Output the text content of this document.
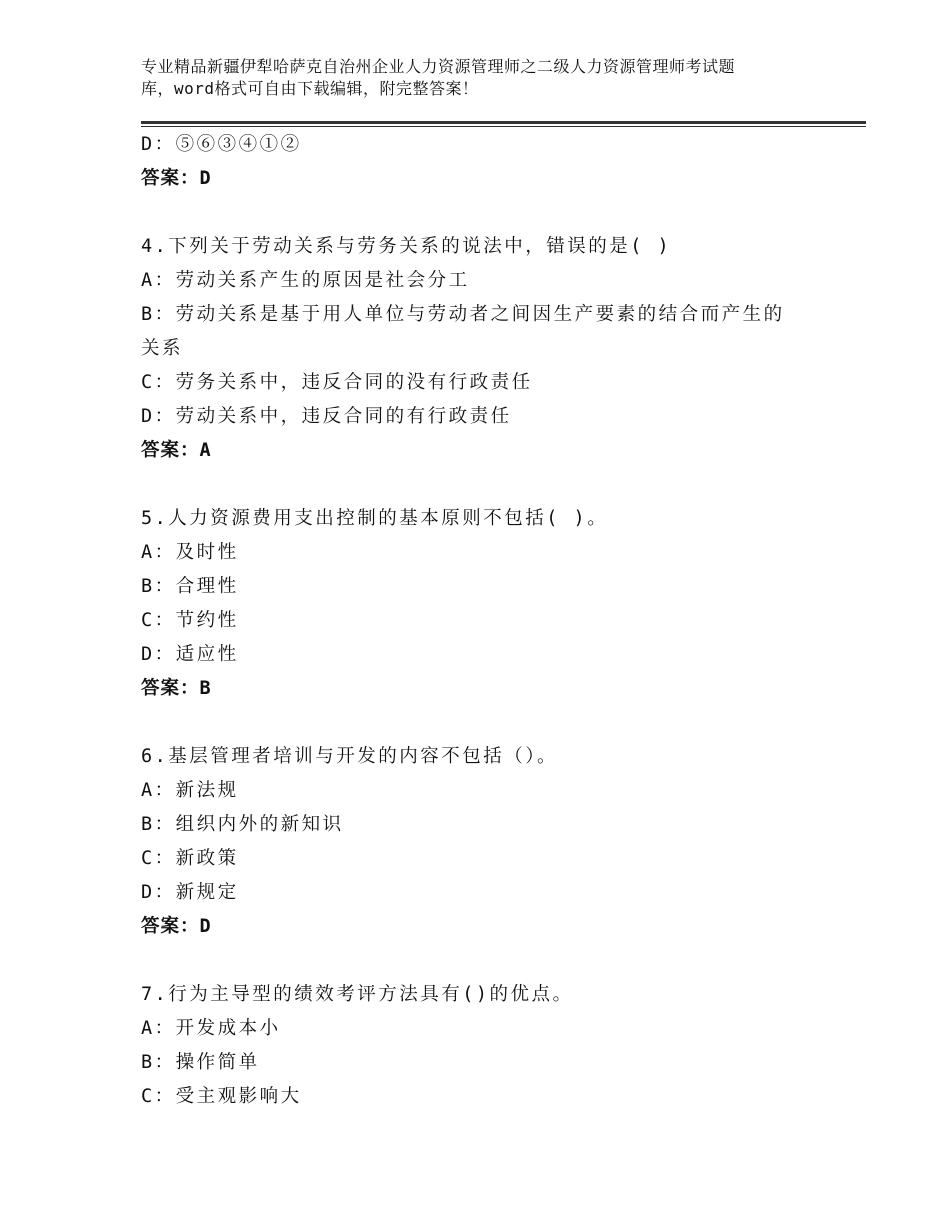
专业精品新疆伊犁哈萨克自治州企业人力资源管理师之二级人力资源管理师考试题
库，word格式可自由下载编辑，附完整答案！
D：⑤⑥③④①②
答案：D
4.下列关于劳动关系与劳务关系的说法中，错误的是( )
A：劳动关系产生的原因是社会分工
B：劳动关系是基于用人单位与劳动者之间因生产要素的结合而产生的
关系
C：劳务关系中，违反合同的没有行政责任
D：劳动关系中，违反合同的有行政责任
答案：A
5.人力资源费用支出控制的基本原则不包括( )。
A：及时性
B：合理性
C：节约性
D：适应性
答案：B
6.基层管理者培训与开发的内容不包括（）。
A：新法规
B：组织内外的新知识
C：新政策
D：新规定
答案：D
7.行为主导型的绩效考评方法具有()的优点。
A：开发成本小
B：操作简单
C：受主观影响大
